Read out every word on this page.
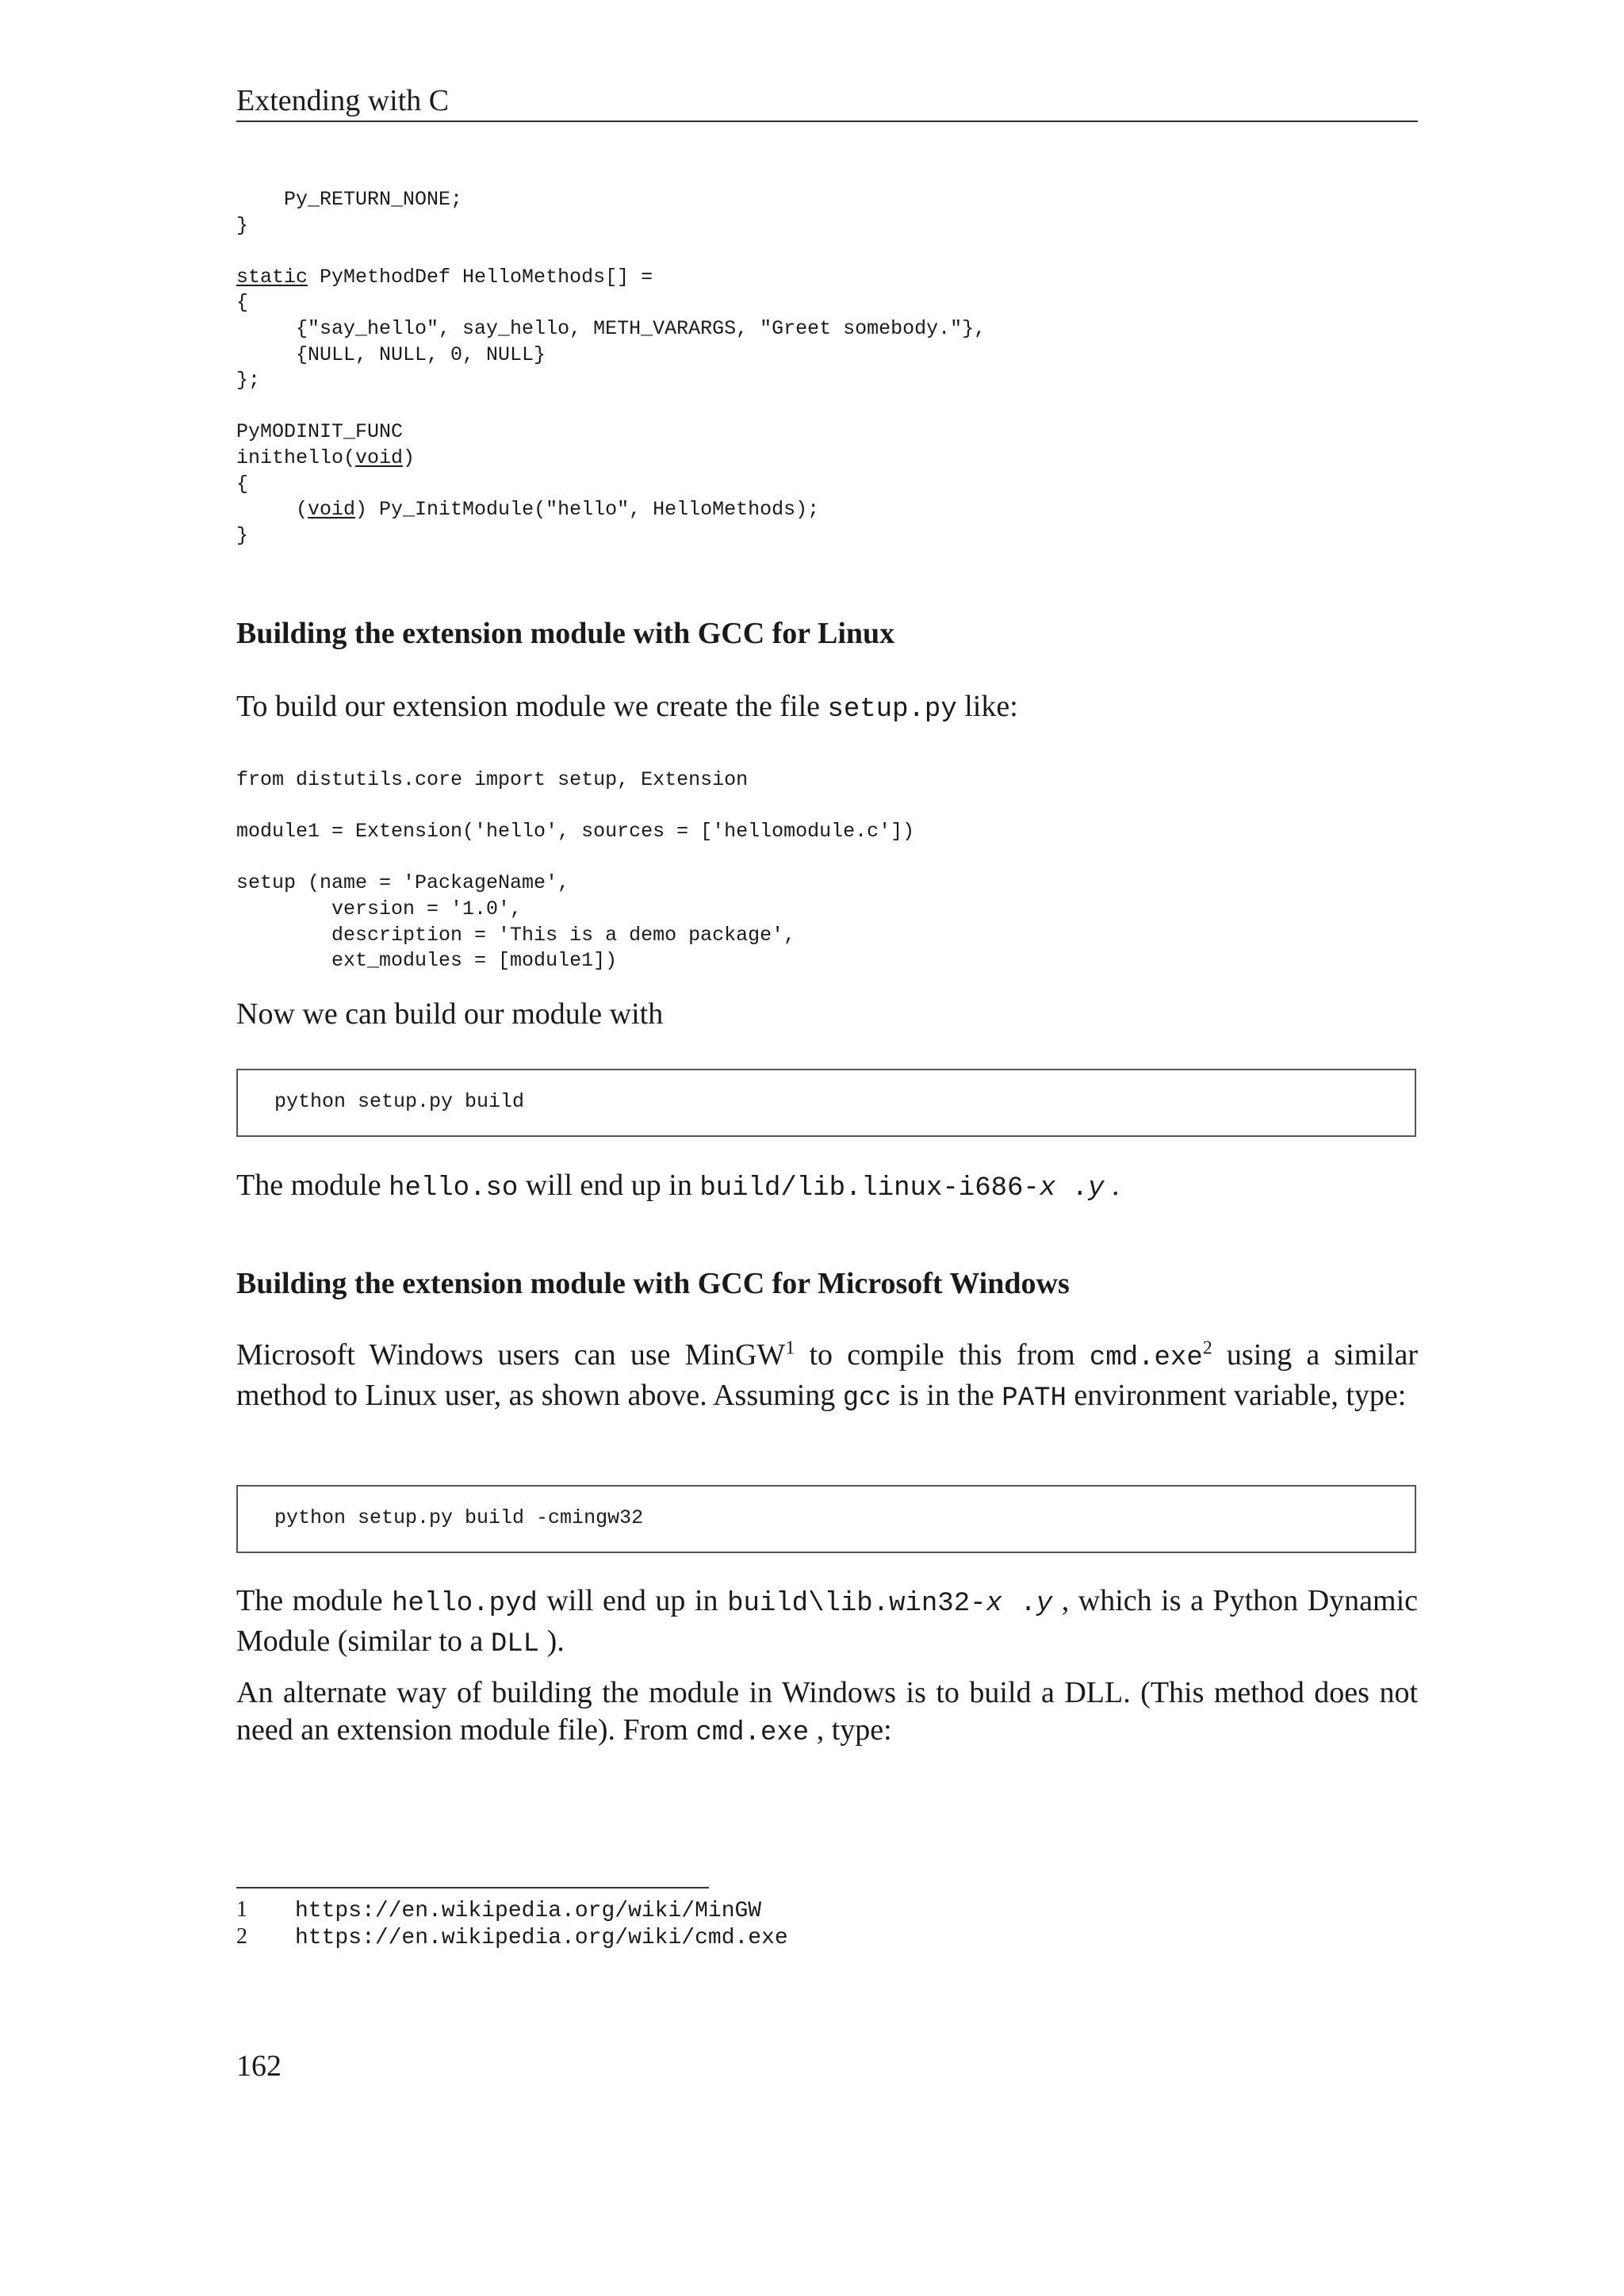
Extending with C
Py_RETURN_NONE;
}
static PyMethodDef HelloMethods[] =
{
{"say_hello", say_hello, METH_VARARGS, "Greet somebody."},
{NULL, NULL, 0, NULL}
};
PyMODINIT_FUNC
inithello(void)
{
(void) Py_InitModule("hello", HelloMethods);
}
Building the extension module with GCC for Linux
To build our extension module we create the file setup.py like:
from distutils.core import setup, Extension
module1 = Extension('hello', sources = ['hellomodule.c'])
setup (name = 'PackageName',
version = '1.0',
description = 'This is a demo package',
ext_modules = [module1])
Now we can build our module with
python setup.py build
The module hello.so will end up in build/lib.linux-i686-x .y .
Building the extension module with GCC for Microsoft Windows
Microsoft Windows users can use MinGW$^1$ to compile this from cmd.exe$^2$ using a similar method to Linux user, as shown above. Assuming gcc is in the PATH environment variable, type:
python setup.py build -cmingw32
The module hello.pyd will end up in build\lib.win32-x .y , which is a Python Dynamic Module (similar to a DLL ).
An alternate way of building the module in Windows is to build a DLL. (This method does not need an extension module file). From cmd.exe , type:
1 https://en.wikipedia.org/wiki/MinGW
2 https://en.wikipedia.org/wiki/cmd.exe
162
